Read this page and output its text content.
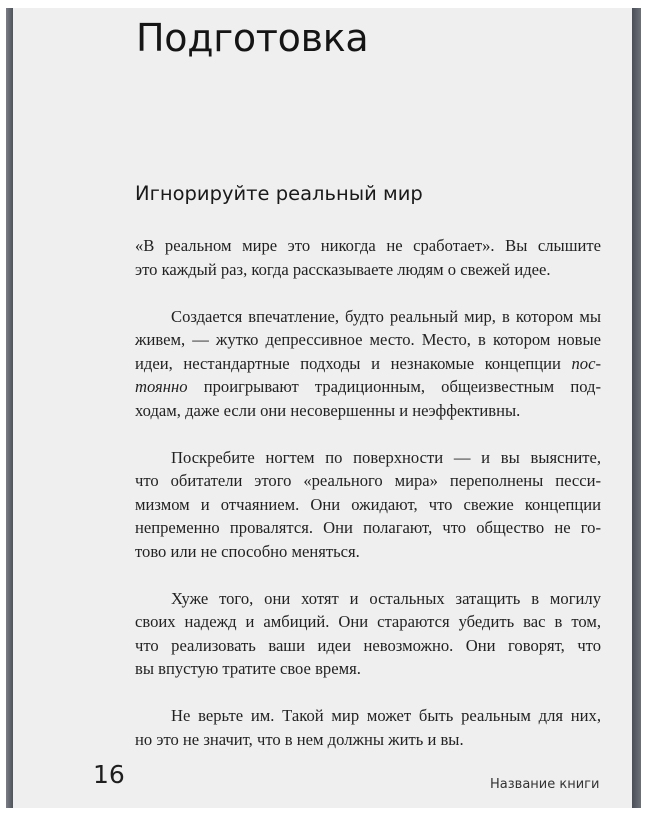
Подготовка
Игнорируйте реальный мир

«В реальном мире это никогда не сработает». Вы слышите
это каждый раз, когда рассказываете людям о свежей идее.

Создается впечатление, будто реальный мир, в котором мы
живем, — жутко депрессивное место. Место, в котором новые
идеи, нестандартные подходы и незнакомые концепции пос-
тоянно проигрывают традиционным, общеизвестным под-
ходам, даже если они несовершенны и неэффективны.

Поскребите ногтем по поверхности — и вы выясните,
что обитатели этого «реального мира» переполнены песси-
мизмом и отчаянием. Они ожидают, что свежие концепции
непременно провалятся. Они полагают, что общество не го-
тово или не способно меняться.

Хуже того, они хотят и остальных затащить в могилу
своих надежд и амбиций. Они стараются убедить вас в том,
что реализовать ваши идеи невозможно. Они говорят, что
вы впустую тратите свое время.

Не верьте им. Такой мир может быть реальным для них,
но это не значит, что в нем должны жить и вы.

16	Название книги
